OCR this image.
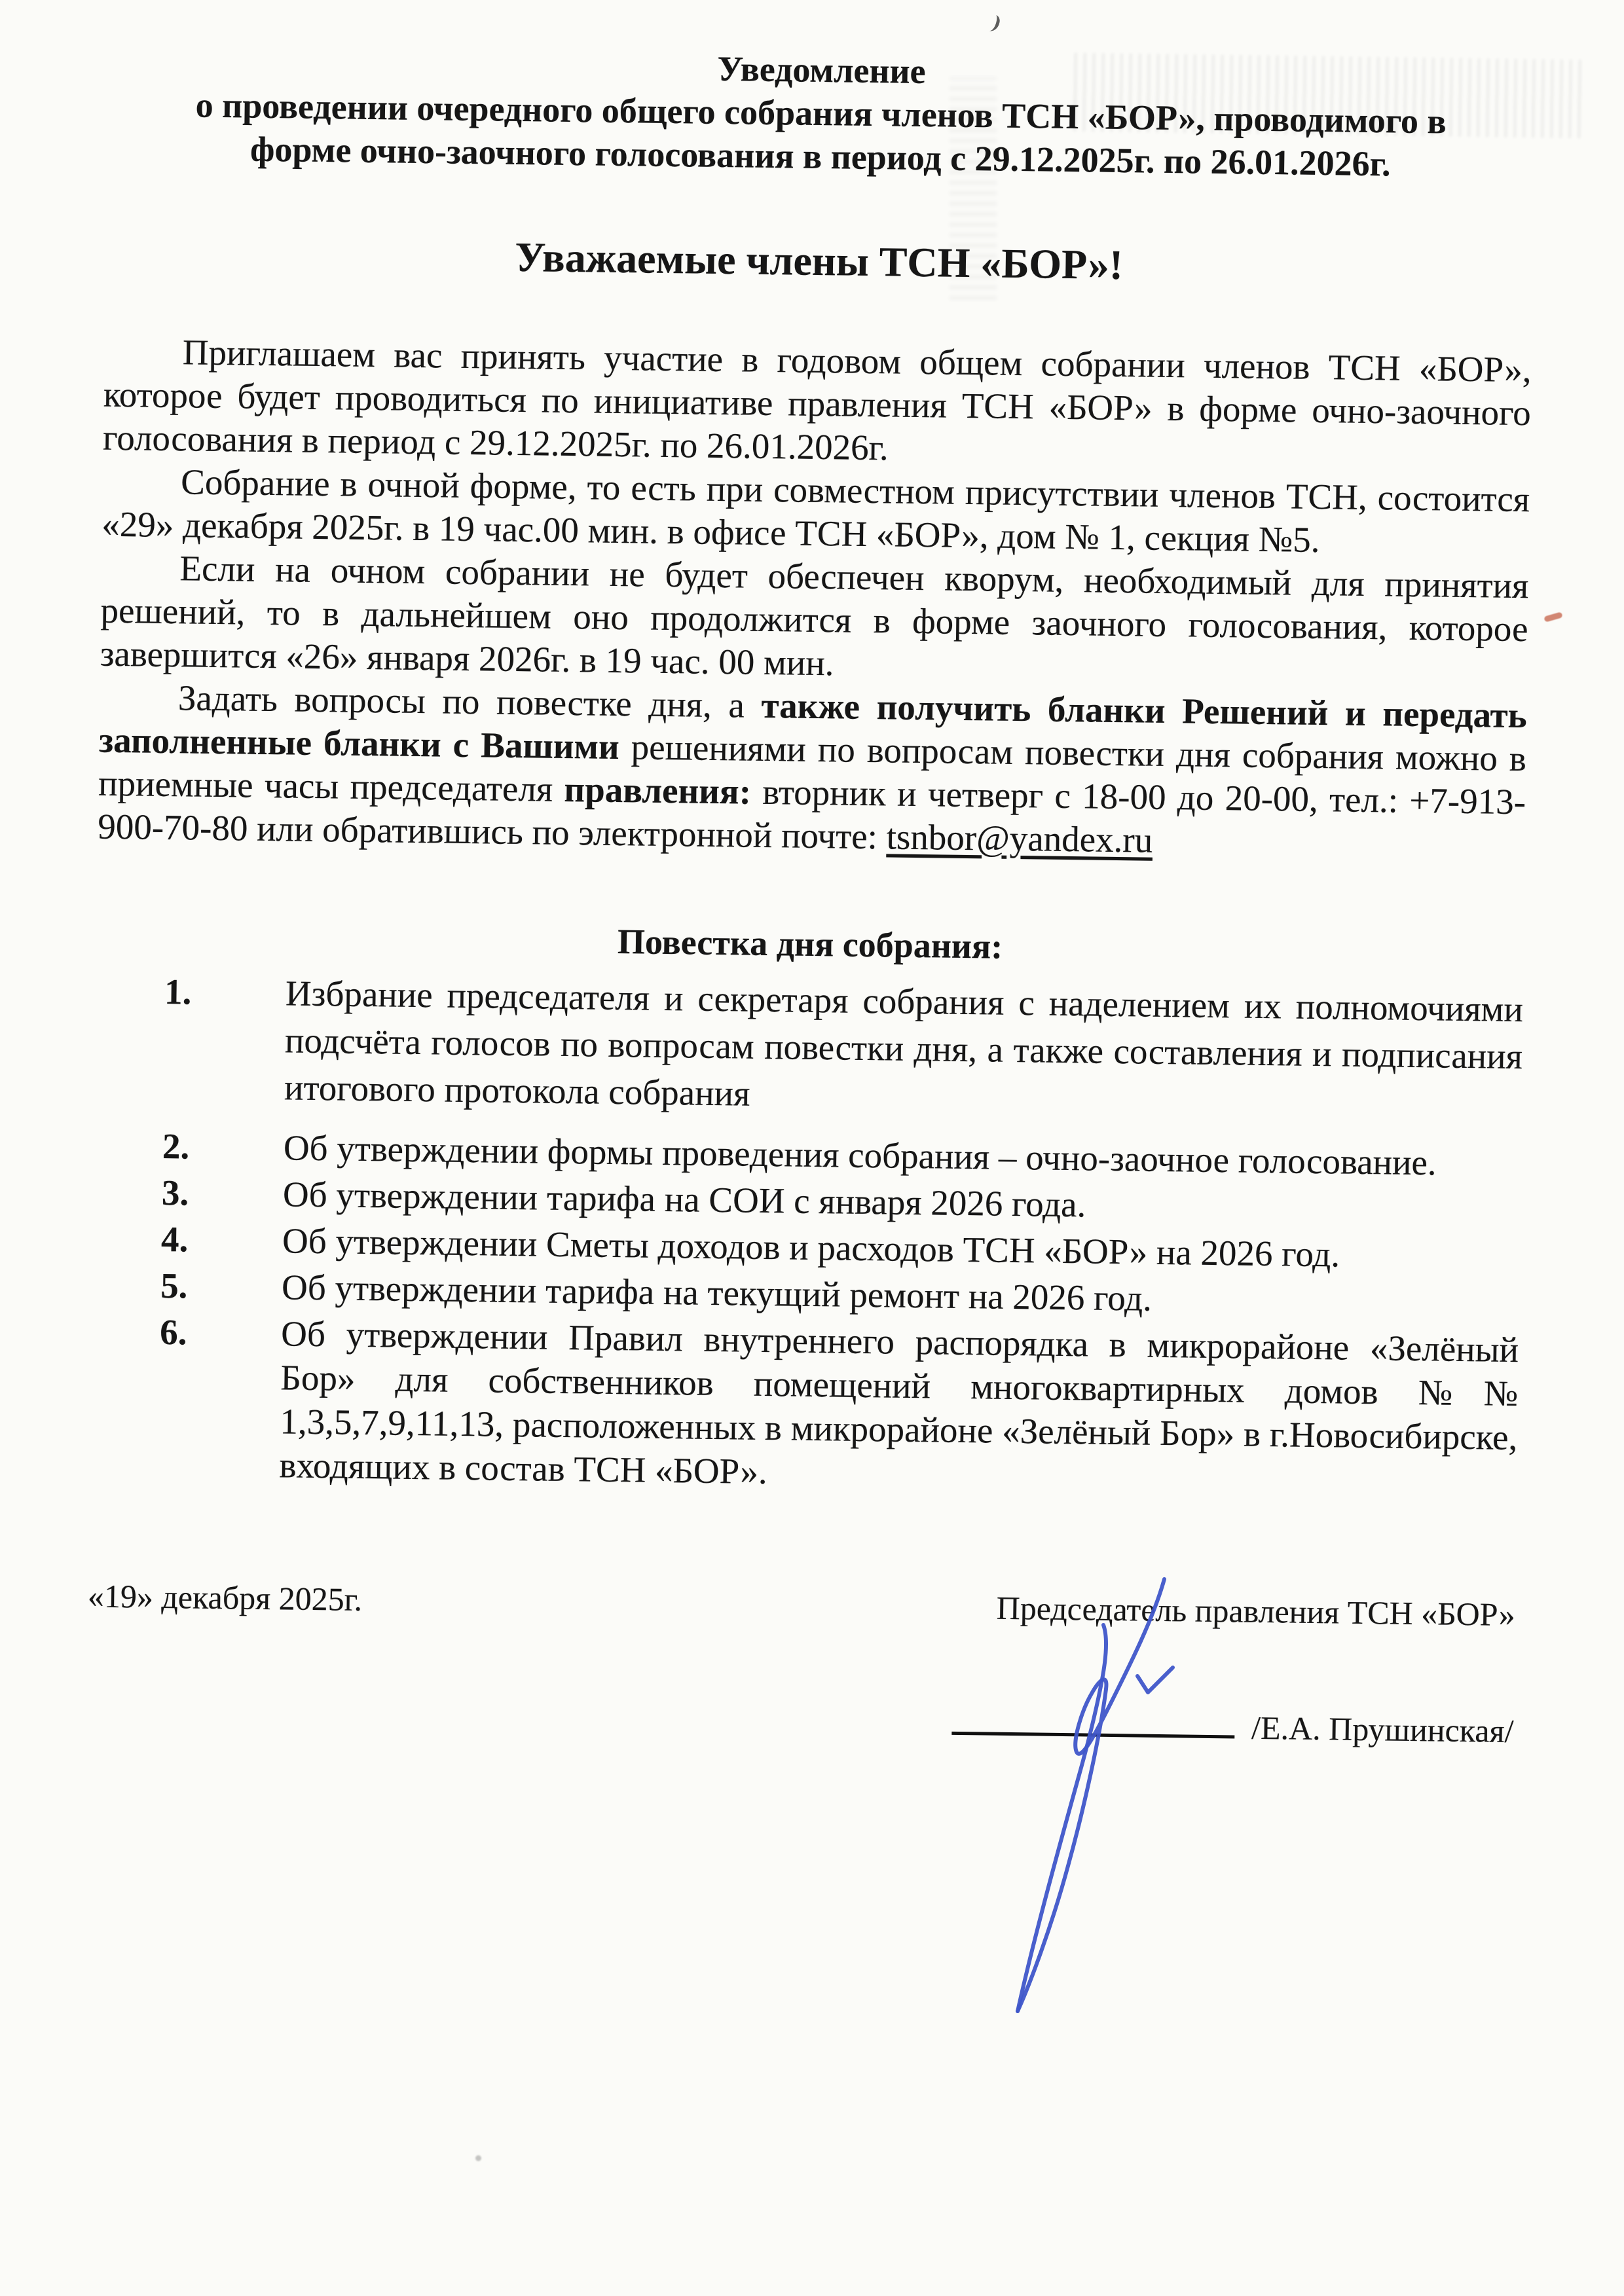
Уведомление
о проведении очередного общего собрания членов ТСН «БОР», проводимого в
форме очно-заочного голосования в период с 29.12.2025г. по 26.01.2026г.
Уважаемые члены ТСН «БОР»!

Приглашаем вас принять участие в годовом общем собрании членов ТСН «БОР», которое будет проводиться по инициативе правления ТСН «БОР» в форме очно-заочного голосования в период с 29.12.2025г. по 26.01.2026г.

Собрание в очной форме, то есть при совместном присутствии членов ТСН, состоится «29» декабря 2025г. в 19 час.00 мин. в офисе ТСН «БОР», дом № 1, секция №5.

Если на очном собрании не будет обеспечен кворум, необходимый для принятия решений, то в дальнейшем оно продолжится в форме заочного голосования, которое завершится «26» января 2026г. в 19 час. 00 мин.

Задать вопросы по повестке дня, а также получить бланки Решений и передать заполненные бланки с Вашими решениями по вопросам повестки дня собрания можно в приемные часы председателя правления: вторник и четверг с 18-00 до 20-00, тел.: +7-913-900-70-80 или обратившись по электронной почте: tsnbor@yandex.ru

Повестка дня собрания:
1.	Избрание председателя и секретаря собрания с наделением их полномочиями подсчёта голосов по вопросам повестки дня, а также составления и подписания итогового протокола собрания
2.	Об утверждении формы проведения собрания – очно-заочное голосование.
3.	Об утверждении тарифа на СОИ с января 2026 года.
4.	Об утверждении Сметы доходов и расходов ТСН «БОР» на 2026 год.
5.	Об утверждении тарифа на текущий ремонт на 2026 год.
6.	Об утверждении Правил внутреннего распорядка в микрорайоне «Зелёный Бор» для собственников помещений многоквартирных домов №№ 1,3,5,7,9,11,13, расположенных в микрорайоне «Зелёный Бор» в г.Новосибирске, входящих в состав ТСН «БОР».
«19» декабря 2025г.	Председатель правления ТСН «БОР»
/Е.А. Прушинская/
